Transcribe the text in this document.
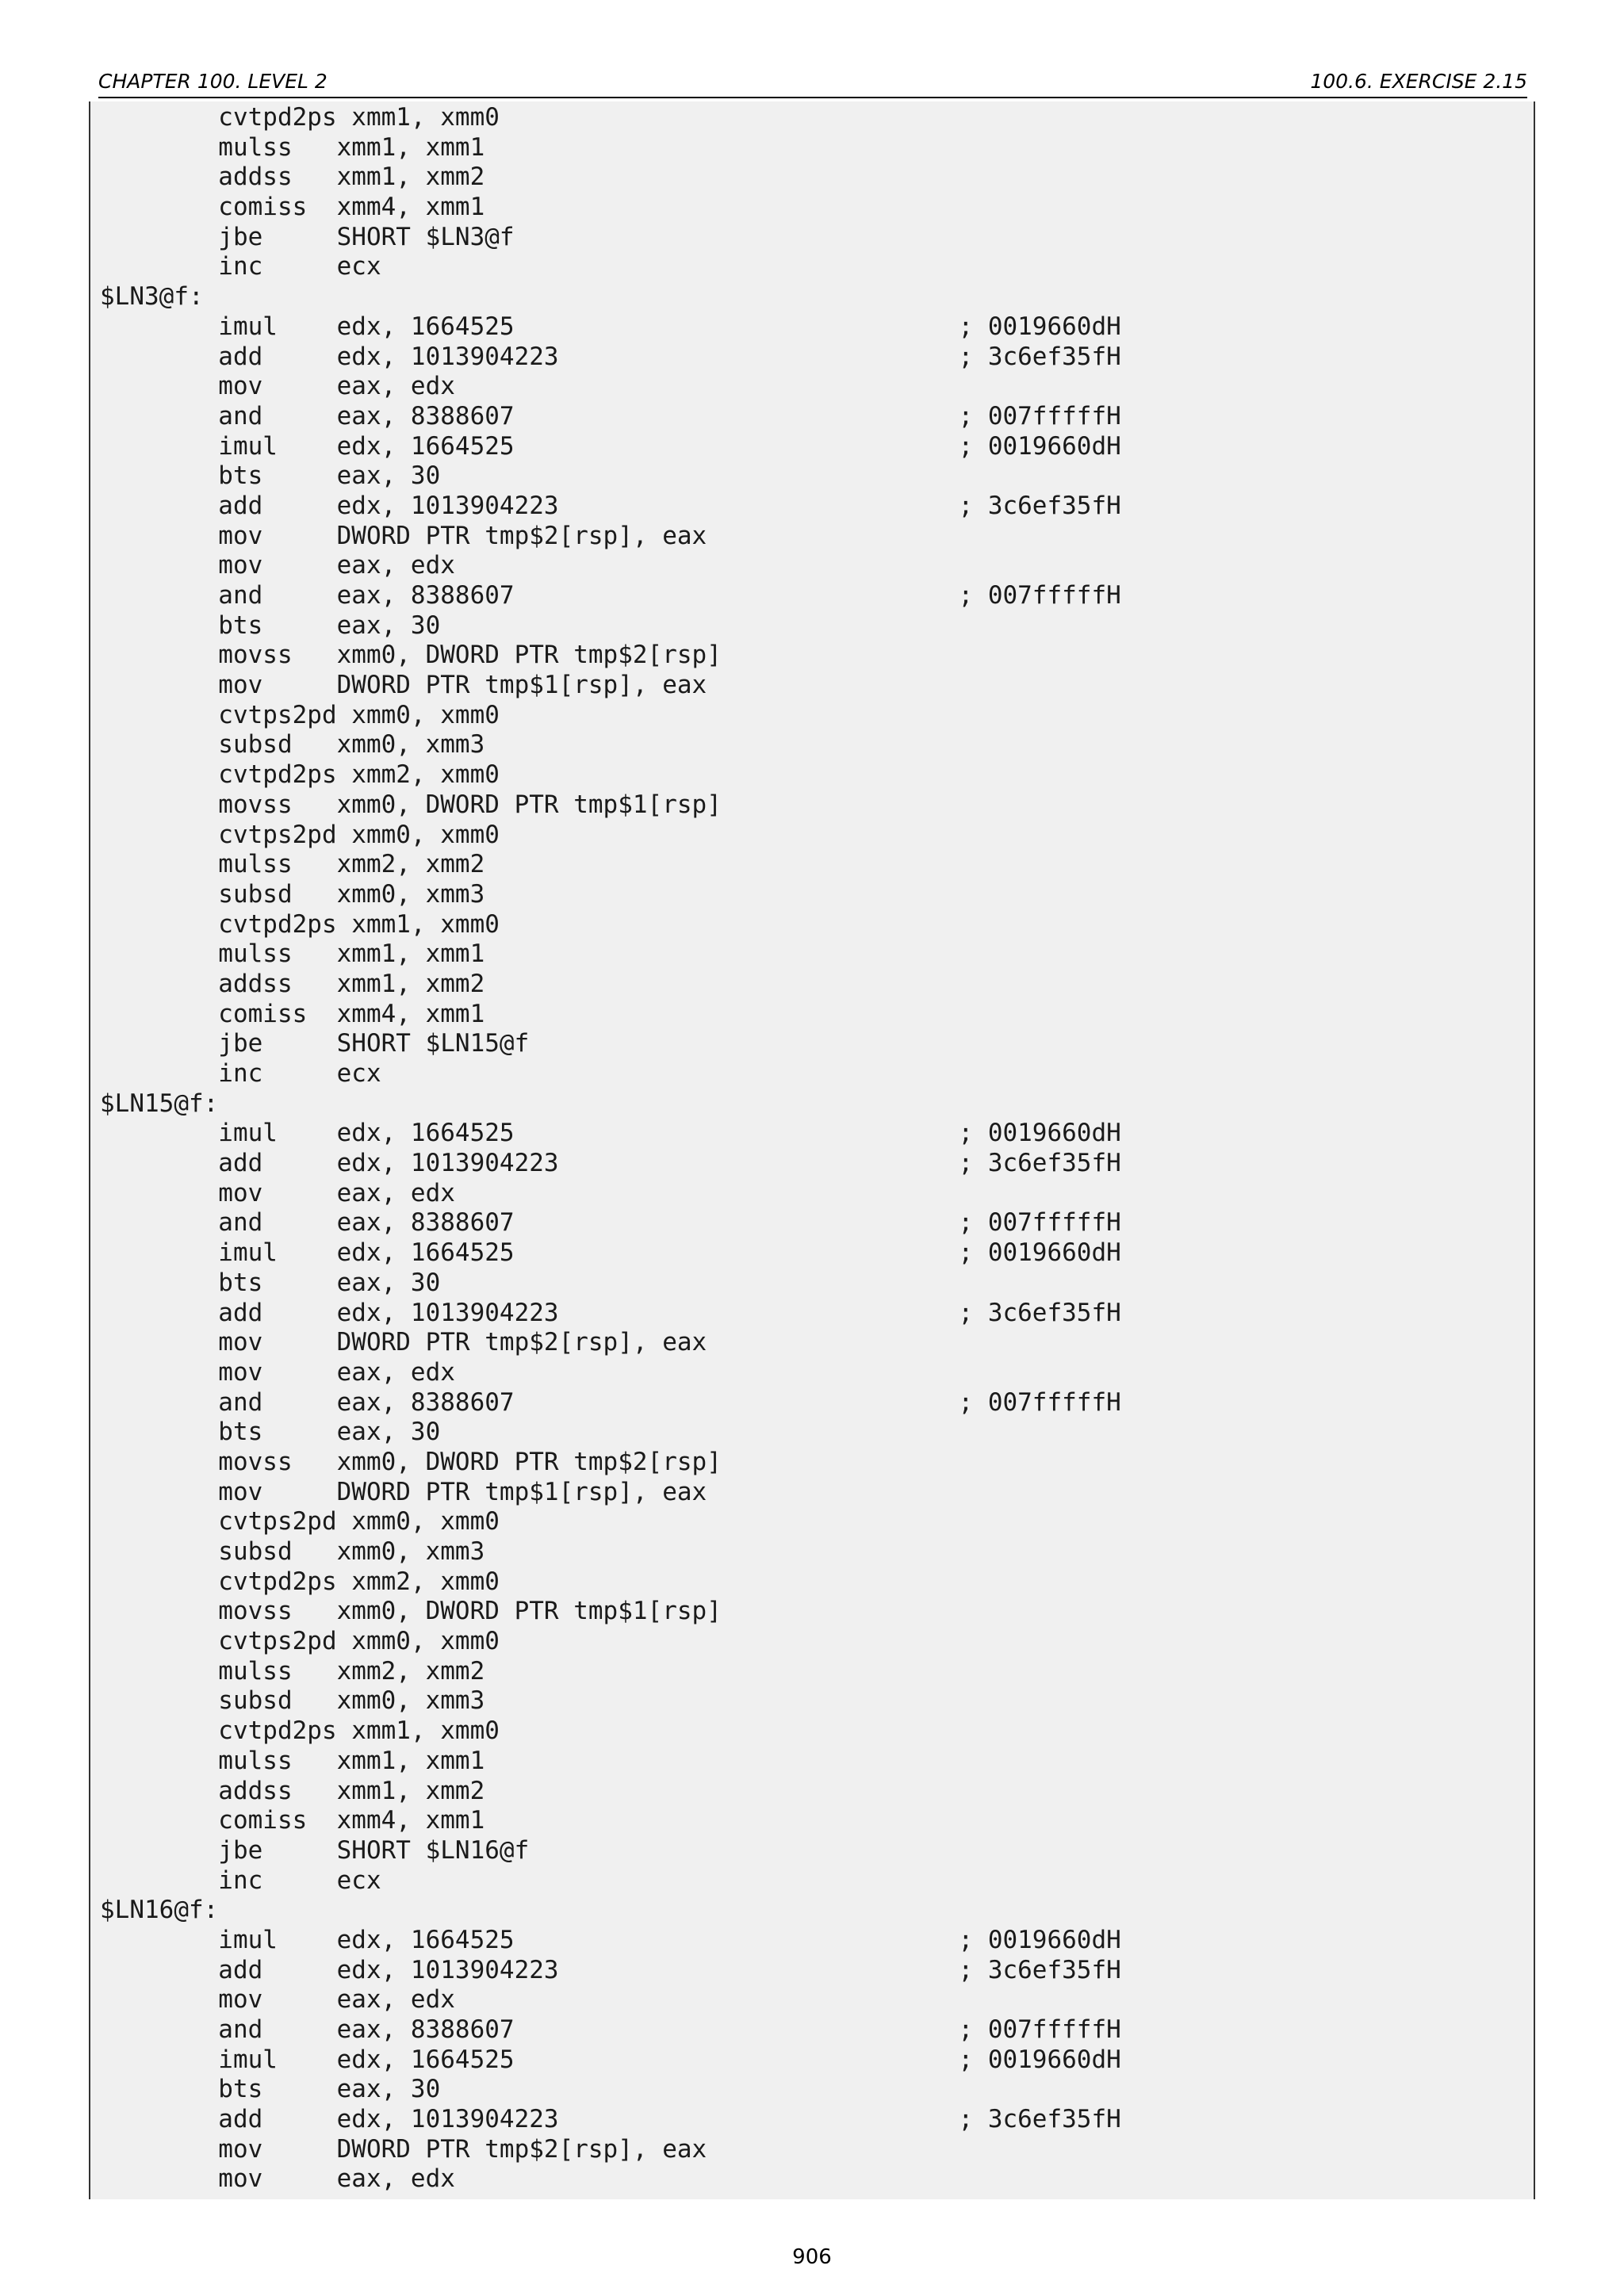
CHAPTER 100. LEVEL 2	100.6. EXERCISE 2.15
cvtpd2ps xmm1, xmm0
mulss   xmm1, xmm1
addss   xmm1, xmm2
comiss  xmm4, xmm1
jbe     SHORT $LN3@f
inc     ecx
$LN3@f:
imul    edx, 1664525                              ; 0019660dH
add     edx, 1013904223                           ; 3c6ef35fH
mov     eax, edx
and     eax, 8388607                              ; 007fffffH
imul    edx, 1664525                              ; 0019660dH
bts     eax, 30
add     edx, 1013904223                           ; 3c6ef35fH
mov     DWORD PTR tmp$2[rsp], eax
mov     eax, edx
and     eax, 8388607                              ; 007fffffH
bts     eax, 30
movss   xmm0, DWORD PTR tmp$2[rsp]
mov     DWORD PTR tmp$1[rsp], eax
cvtps2pd xmm0, xmm0
subsd   xmm0, xmm3
cvtpd2ps xmm2, xmm0
movss   xmm0, DWORD PTR tmp$1[rsp]
cvtps2pd xmm0, xmm0
mulss   xmm2, xmm2
subsd   xmm0, xmm3
cvtpd2ps xmm1, xmm0
mulss   xmm1, xmm1
addss   xmm1, xmm2
comiss  xmm4, xmm1
jbe     SHORT $LN15@f
inc     ecx
$LN15@f:
imul    edx, 1664525                              ; 0019660dH
add     edx, 1013904223                           ; 3c6ef35fH
mov     eax, edx
and     eax, 8388607                              ; 007fffffH
imul    edx, 1664525                              ; 0019660dH
bts     eax, 30
add     edx, 1013904223                           ; 3c6ef35fH
mov     DWORD PTR tmp$2[rsp], eax
mov     eax, edx
and     eax, 8388607                              ; 007fffffH
bts     eax, 30
movss   xmm0, DWORD PTR tmp$2[rsp]
mov     DWORD PTR tmp$1[rsp], eax
cvtps2pd xmm0, xmm0
subsd   xmm0, xmm3
cvtpd2ps xmm2, xmm0
movss   xmm0, DWORD PTR tmp$1[rsp]
cvtps2pd xmm0, xmm0
mulss   xmm2, xmm2
subsd   xmm0, xmm3
cvtpd2ps xmm1, xmm0
mulss   xmm1, xmm1
addss   xmm1, xmm2
comiss  xmm4, xmm1
jbe     SHORT $LN16@f
inc     ecx
$LN16@f:
imul    edx, 1664525                              ; 0019660dH
add     edx, 1013904223                           ; 3c6ef35fH
mov     eax, edx
and     eax, 8388607                              ; 007fffffH
imul    edx, 1664525                              ; 0019660dH
bts     eax, 30
add     edx, 1013904223                           ; 3c6ef35fH
mov     DWORD PTR tmp$2[rsp], eax
mov     eax, edx
906
